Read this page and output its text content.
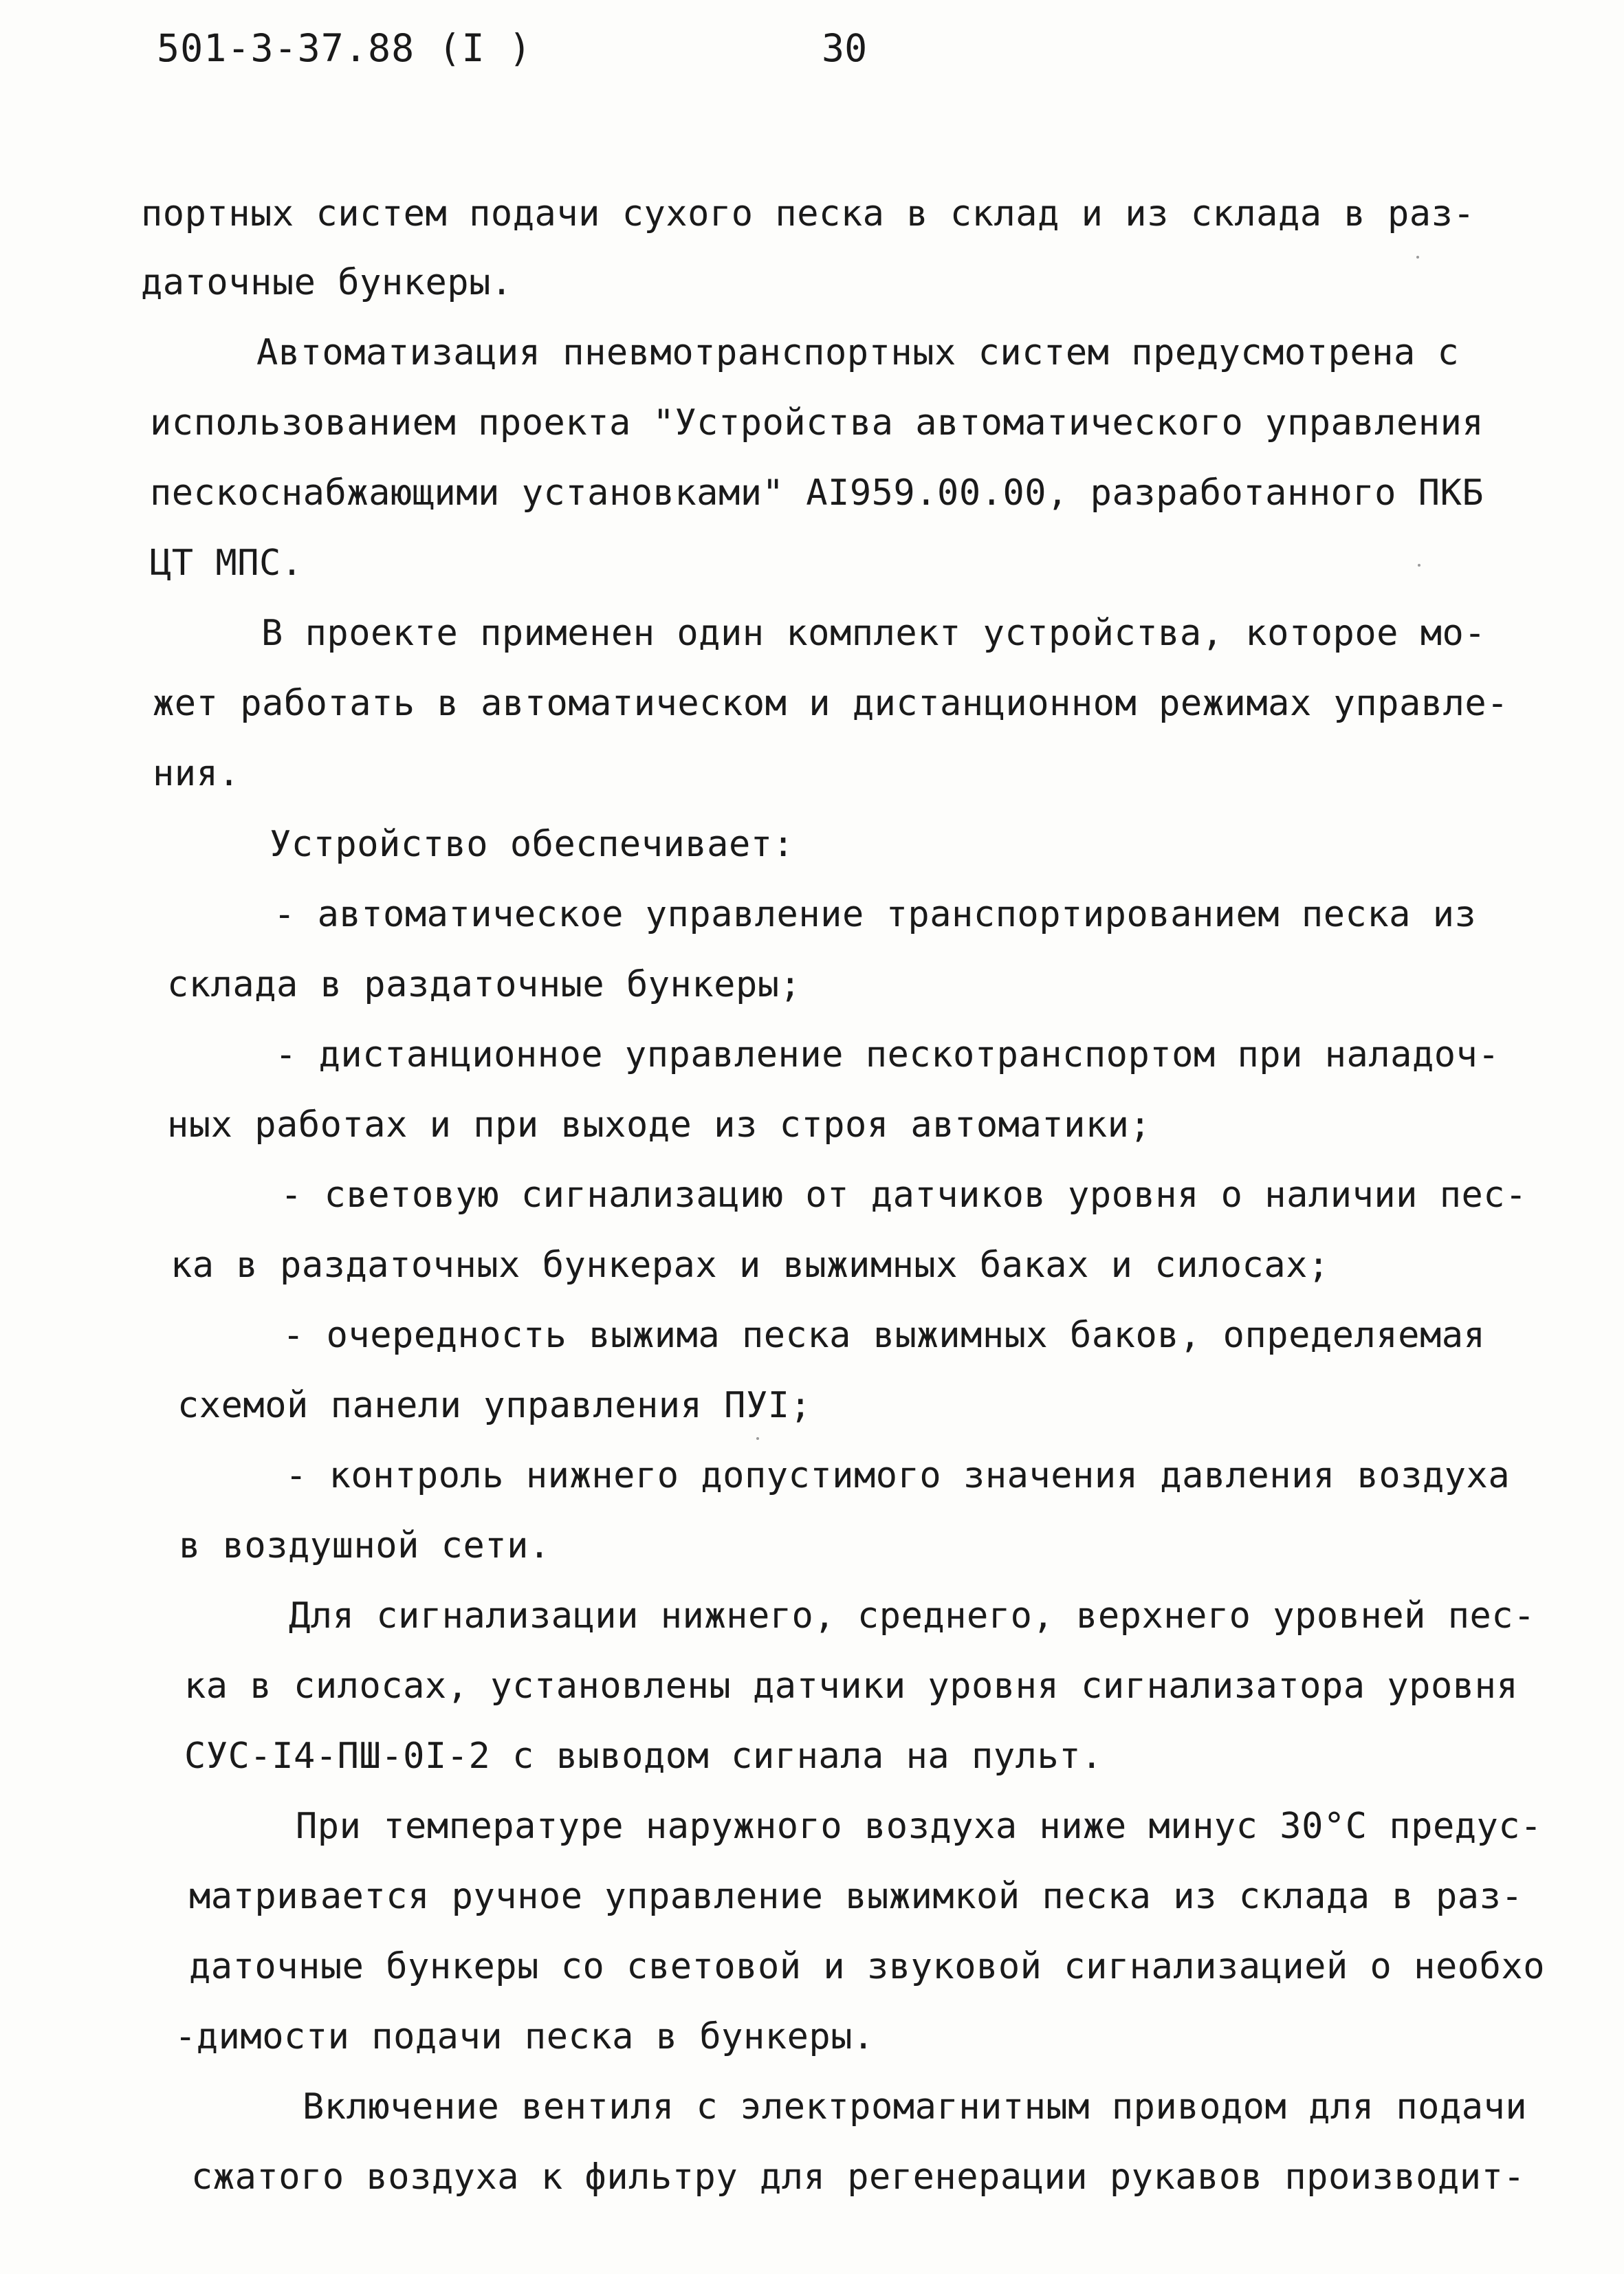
501-3-37.88 (I )	30
портных систем подачи сухого песка в склад и из склада в раз-
даточные бункеры.
Автоматизация пневмотранспортных систем предусмотрена с
использованием проекта "Устройства автоматического управления
пескоснабжающими установками" AI959.00.00, разработанного ПКБ
ЦТ МПС.
В проекте применен один комплект устройства, которое мо-
жет работать в автоматическом и дистанционном режимах управле-
ния.
Устройство обеспечивает:
- автоматическое управление транспортированием песка из
склада в раздаточные бункеры;
- дистанционное управление пескотранспортом при наладоч-
ных работах и при выходе из строя автоматики;
- световую сигнализацию от датчиков уровня о наличии пес-
ка в раздаточных бункерах и выжимных баках и силосах;
- очередность выжима песка выжимных баков, определяемая
схемой панели управления ПУI;
- контроль нижнего допустимого значения давления воздуха
в воздушной сети.
Для сигнализации нижнего, среднего, верхнего уровней пес-
ка в силосах, установлены датчики уровня сигнализатора уровня
СУС-I4-ПШ-0I-2 с выводом сигнала на пульт.
При температуре наружного воздуха ниже минус 30°C предус-
матривается ручное управление выжимкой песка из склада в раз-
даточные бункеры со световой и звуковой сигнализацией о необхо
-димости подачи песка в бункеры.
Включение вентиля с электромагнитным приводом для подачи
сжатого воздуха к фильтру для регенерации рукавов производит-
